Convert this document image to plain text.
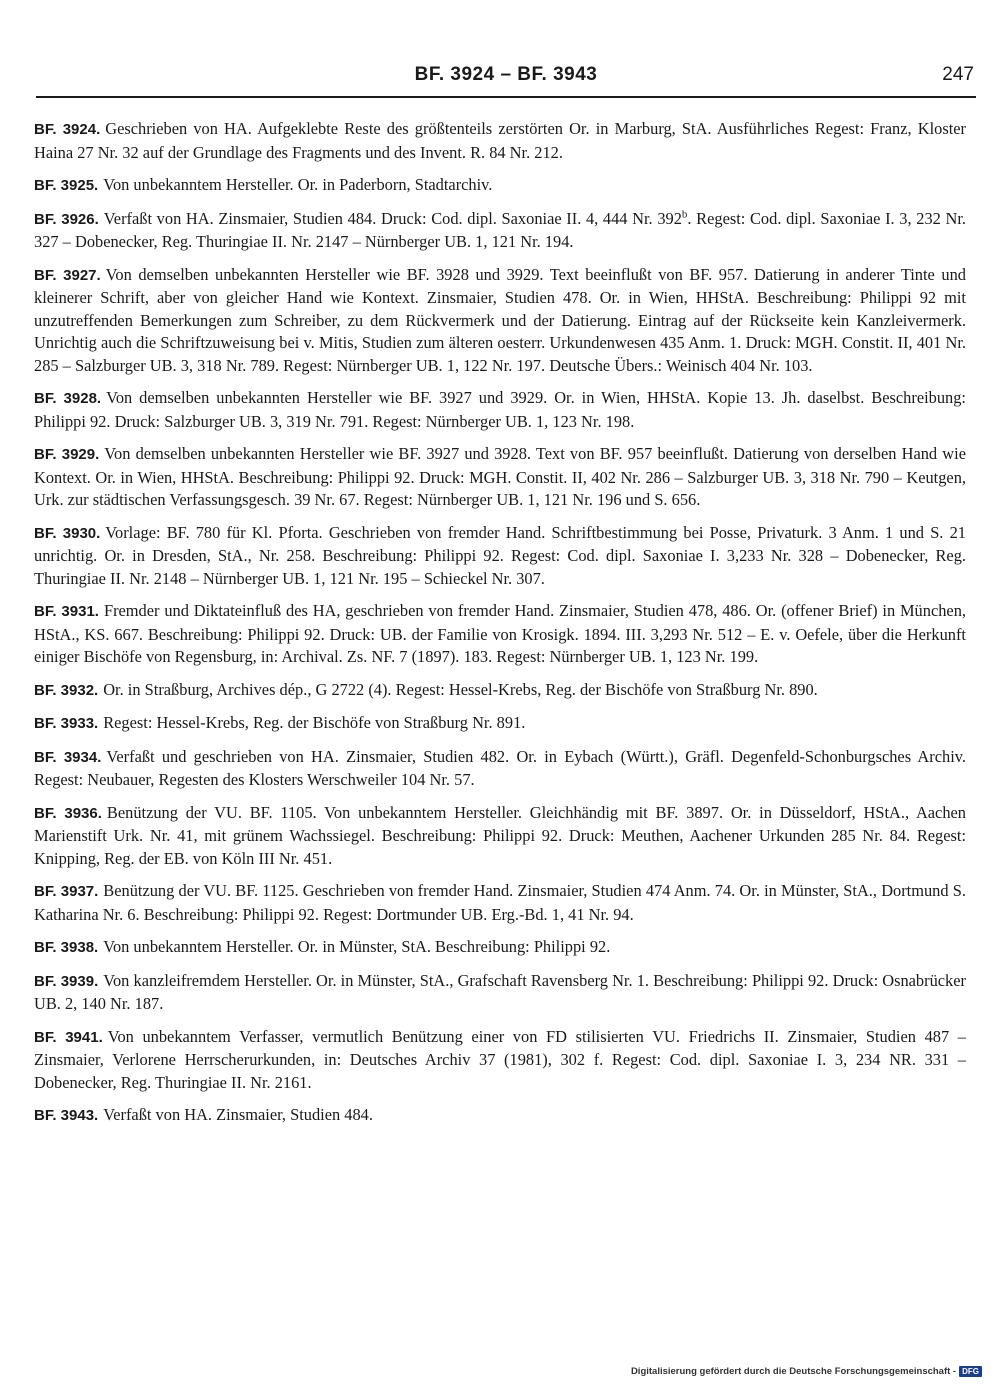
BF. 3924 – BF. 3943	247

BF. 3924. Geschrieben von HA. Aufgeklebte Reste des größtenteils zerstörten Or. in Marburg, StA. Ausführliches Regest: Franz, Kloster Haina 27 Nr. 32 auf der Grundlage des Fragments und des Invent. R. 84 Nr. 212.

BF. 3925. Von unbekanntem Hersteller. Or. in Paderborn, Stadtarchiv.

BF. 3926. Verfaßt von HA. Zinsmaier, Studien 484. Druck: Cod. dipl. Saxoniae II. 4, 444 Nr. 392$^b$. Regest: Cod. dipl. Saxoniae I. 3, 232 Nr. 327 – Dobenecker, Reg. Thuringiae II. Nr. 2147 – Nürnberger UB. 1, 121 Nr. 194.

BF. 3927. Von demselben unbekannten Hersteller wie BF. 3928 und 3929. Text beeinflußt von BF. 957. Datierung in anderer Tinte und kleinerer Schrift, aber von gleicher Hand wie Kontext. Zinsmaier, Studien 478. Or. in Wien, HHStA. Beschreibung: Philippi 92 mit unzutreffenden Bemerkungen zum Schreiber, zu dem Rückvermerk und der Datierung. Eintrag auf der Rückseite kein Kanzleivermerk. Unrichtig auch die Schriftzuweisung bei v. Mitis, Studien zum älteren oesterr. Urkundenwesen 435 Anm. 1. Druck: MGH. Constit. II, 401 Nr. 285 – Salzburger UB. 3, 318 Nr. 789. Regest: Nürnberger UB. 1, 122 Nr. 197. Deutsche Übers.: Weinisch 404 Nr. 103.

BF. 3928. Von demselben unbekannten Hersteller wie BF. 3927 und 3929. Or. in Wien, HHStA. Kopie 13. Jh. daselbst. Beschreibung: Philippi 92. Druck: Salzburger UB. 3, 319 Nr. 791. Regest: Nürnberger UB. 1, 123 Nr. 198.

BF. 3929. Von demselben unbekannten Hersteller wie BF. 3927 und 3928. Text von BF. 957 beeinflußt. Datierung von derselben Hand wie Kontext. Or. in Wien, HHStA. Beschreibung: Philippi 92. Druck: MGH. Constit. II, 402 Nr. 286 – Salzburger UB. 3, 318 Nr. 790 – Keutgen, Urk. zur städtischen Verfassungsgesch. 39 Nr. 67. Regest: Nürnberger UB. 1, 121 Nr. 196 und S. 656.

BF. 3930. Vorlage: BF. 780 für Kl. Pforta. Geschrieben von fremder Hand. Schriftbestimmung bei Posse, Privaturk. 3 Anm. 1 und S. 21 unrichtig. Or. in Dresden, StA., Nr. 258. Beschreibung: Philippi 92. Regest: Cod. dipl. Saxoniae I. 3,233 Nr. 328 – Dobenecker, Reg. Thuringiae II. Nr. 2148 – Nürnberger UB. 1, 121 Nr. 195 – Schieckel Nr. 307.

BF. 3931. Fremder und Diktateinfluß des HA, geschrieben von fremder Hand. Zinsmaier, Studien 478, 486. Or. (offener Brief) in München, HStA., KS. 667. Beschreibung: Philippi 92. Druck: UB. der Familie von Krosigk. 1894. III. 3,293 Nr. 512 – E. v. Oefele, über die Herkunft einiger Bischöfe von Regensburg, in: Archival. Zs. NF. 7 (1897). 183. Regest: Nürnberger UB. 1, 123 Nr. 199.

BF. 3932. Or. in Straßburg, Archives dép., G 2722 (4). Regest: Hessel-Krebs, Reg. der Bischöfe von Straßburg Nr. 890.

BF. 3933. Regest: Hessel-Krebs, Reg. der Bischöfe von Straßburg Nr. 891.

BF. 3934. Verfaßt und geschrieben von HA. Zinsmaier, Studien 482. Or. in Eybach (Württ.), Gräfl. Degenfeld-Schonburgsches Archiv. Regest: Neubauer, Regesten des Klosters Werschweiler 104 Nr. 57.

BF. 3936. Benützung der VU. BF. 1105. Von unbekanntem Hersteller. Gleichhändig mit BF. 3897. Or. in Düsseldorf, HStA., Aachen Marienstift Urk. Nr. 41, mit grünem Wachssiegel. Beschreibung: Philippi 92. Druck: Meuthen, Aachener Urkunden 285 Nr. 84. Regest: Knipping, Reg. der EB. von Köln III Nr. 451.

BF. 3937. Benützung der VU. BF. 1125. Geschrieben von fremder Hand. Zinsmaier, Studien 474 Anm. 74. Or. in Münster, StA., Dortmund S. Katharina Nr. 6. Beschreibung: Philippi 92. Regest: Dortmunder UB. Erg.-Bd. 1, 41 Nr. 94.

BF. 3938. Von unbekanntem Hersteller. Or. in Münster, StA. Beschreibung: Philippi 92.

BF. 3939. Von kanzleifremdem Hersteller. Or. in Münster, StA., Grafschaft Ravensberg Nr. 1. Beschreibung: Philippi 92. Druck: Osnabrücker UB. 2, 140 Nr. 187.

BF. 3941. Von unbekanntem Verfasser, vermutlich Benützung einer von FD stilisierten VU. Friedrichs II. Zinsmaier, Studien 487 – Zinsmaier, Verlorene Herrscherurkunden, in: Deutsches Archiv 37 (1981), 302 f. Regest: Cod. dipl. Saxoniae I. 3, 234 NR. 331 – Dobenecker, Reg. Thuringiae II. Nr. 2161.

BF. 3943. Verfaßt von HA. Zinsmaier, Studien 484.

Digitalisierung gefördert durch die Deutsche Forschungsgemeinschaft - DFG
